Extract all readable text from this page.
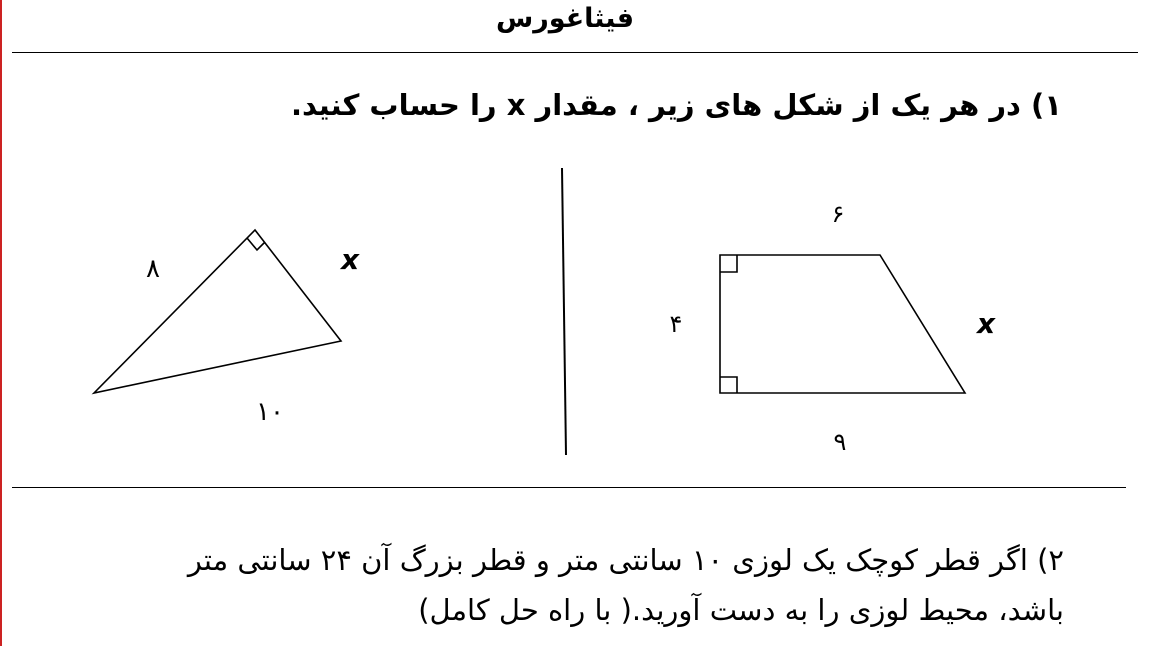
فیثاغورس
۱) در هر یک از شکل های زیر ، مقدار x را حساب کنید.
۸	x
۱۰
۶
۴	x
۹
۲) اگر قطر کوچک یک لوزی ۱۰ سانتی متر و قطر بزرگ آن ۲۴ سانتی متر
باشد، محیط لوزی را به دست آورید.( با راه حل کامل)
